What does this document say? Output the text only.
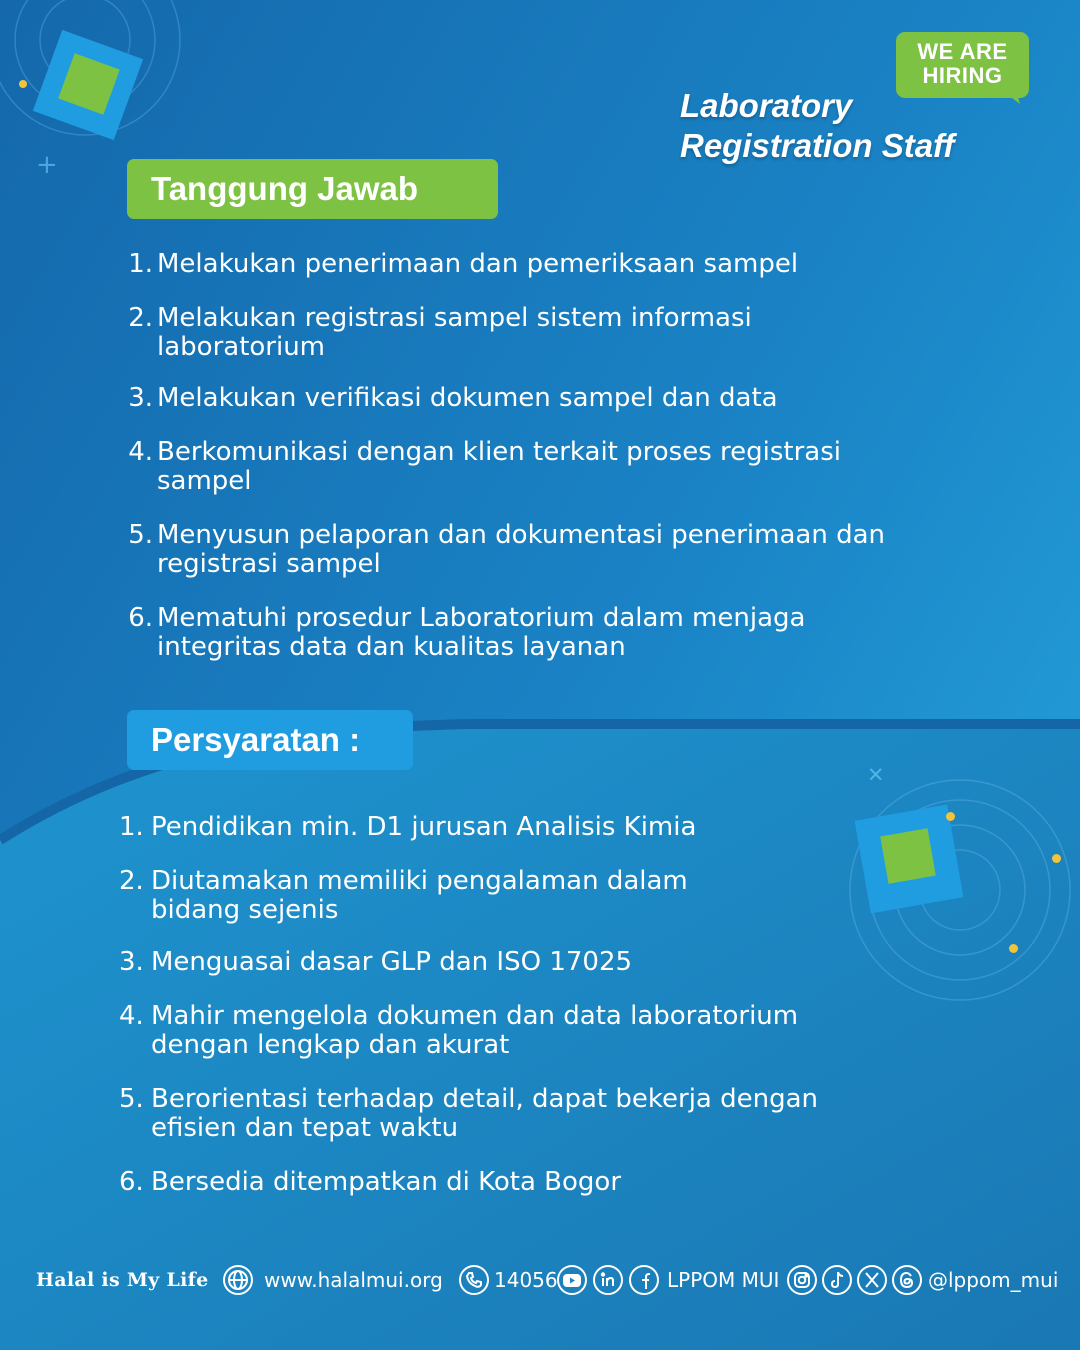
+
+
WE ARE
HIRING
Laboratory
Registration Staff
Tanggung Jawab
1. Melakukan penerimaan dan pemeriksaan sampel
2. Melakukan registrasi sampel sistem informasi laboratorium
3. Melakukan verifikasi dokumen sampel dan data
4. Berkomunikasi dengan klien terkait proses registrasi sampel
5. Menyusun pelaporan dan dokumentasi penerimaan dan registrasi sampel
6. Mematuhi prosedur Laboratorium dalam menjaga integritas data dan kualitas layanan
Persyaratan :
1. Pendidikan min. D1 jurusan Analisis Kimia
2. Diutamakan memiliki pengalaman dalam bidang sejenis
3. Menguasai dasar GLP dan ISO 17025
4. Mahir mengelola dokumen dan data laboratorium dengan lengkap dan akurat
5. Berorientasi terhadap detail, dapat bekerja dengan efisien dan tepat waktu
6. Bersedia ditempatkan di Kota Bogor
Halal is My Life	www.halalmui.org	14056	LPPOM MUI	@lppom_mui
